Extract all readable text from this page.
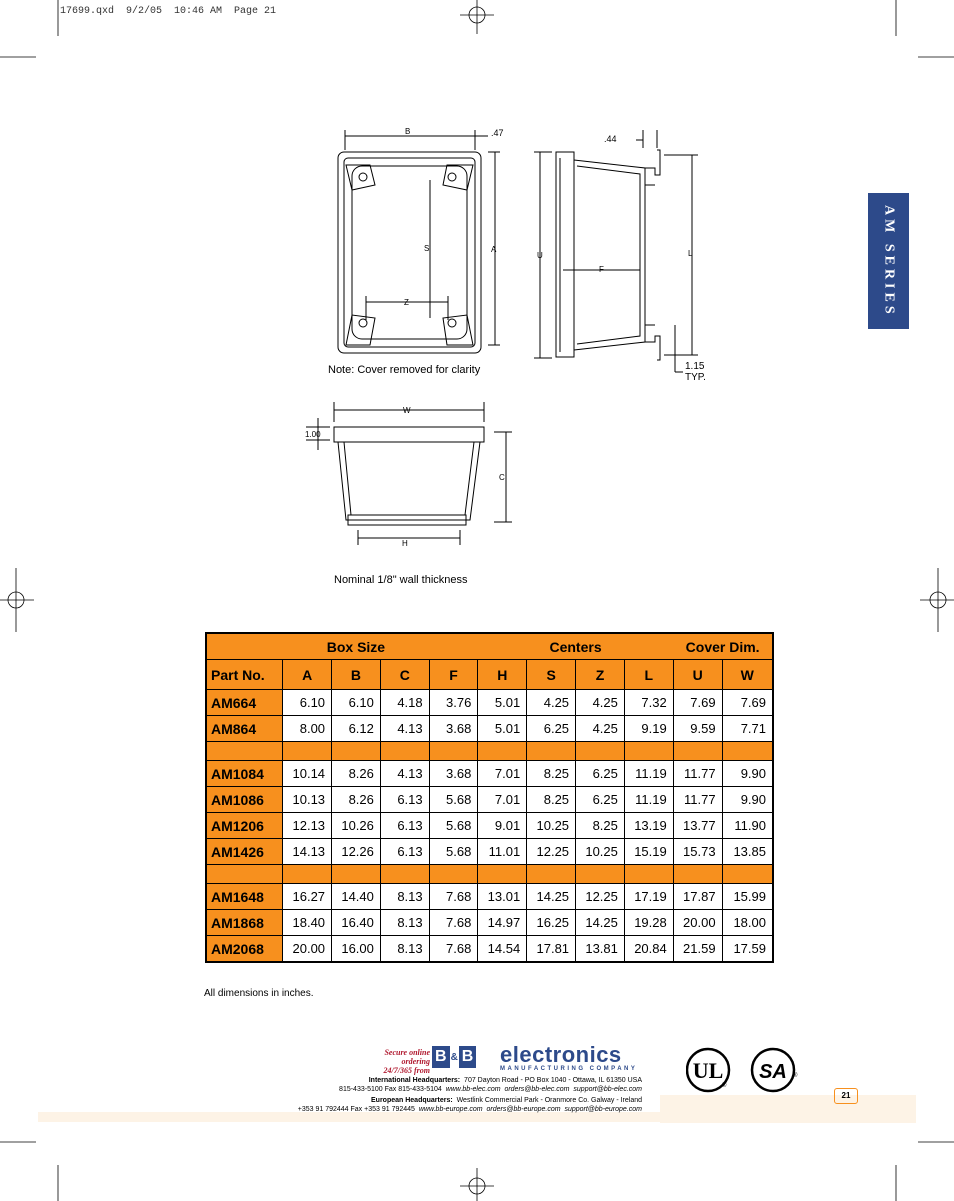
17699.qxd  9/2/05  10:46 AM  Page 21
AM SERIES
B	.47
S	A
Z
.44
U
F
L
1.15
TYP.
W
1.00
C
H
Note: Cover removed for clarity
Nominal 1/8" wall thickness
	Box Size				Centers				Cover Dim.	
Part No.	A	B	C	F	H	S	Z	L	U	W
AM664	6.10	6.10	4.18	3.76	5.01	4.25	4.25	7.32	7.69	7.69
AM864	8.00	6.12	4.13	3.68	5.01	6.25	4.25	9.19	9.59	7.71

AM1084	10.14	8.26	4.13	3.68	7.01	8.25	6.25	11.19	11.77	9.90
AM1086	10.13	8.26	6.13	5.68	7.01	8.25	6.25	11.19	11.77	9.90
AM1206	12.13	10.26	6.13	5.68	9.01	10.25	8.25	13.19	13.77	11.90
AM1426	14.13	12.26	6.13	5.68	11.01	12.25	10.25	15.19	15.73	13.85

AM1648	16.27	14.40	8.13	7.68	13.01	14.25	12.25	17.19	17.87	15.99
AM1868	18.40	16.40	8.13	7.68	14.97	16.25	14.25	19.28	20.00	18.00
AM2068	20.00	16.00	8.13	7.68	14.54	17.81	13.81	20.84	21.59	17.59
All dimensions in inches.
Secure online
ordering
24/7/365 from
B & B electronics
MANUFACTURING COMPANY
International Headquarters: 707 Dayton Road - PO Box 1040 - Ottawa, IL 61350 USA
815-433-5100 Fax 815-433-5104 www.bb-elec.com orders@bb-elec.com support@bb-elec.com
European Headquarters: Westlink Commercial Park - Oranmore Co. Galway - Ireland
+353 91 792444 Fax +353 91 792445 www.bb-europe.com orders@bb-europe.com support@bb-europe.com
UL
®
SA ®
21
